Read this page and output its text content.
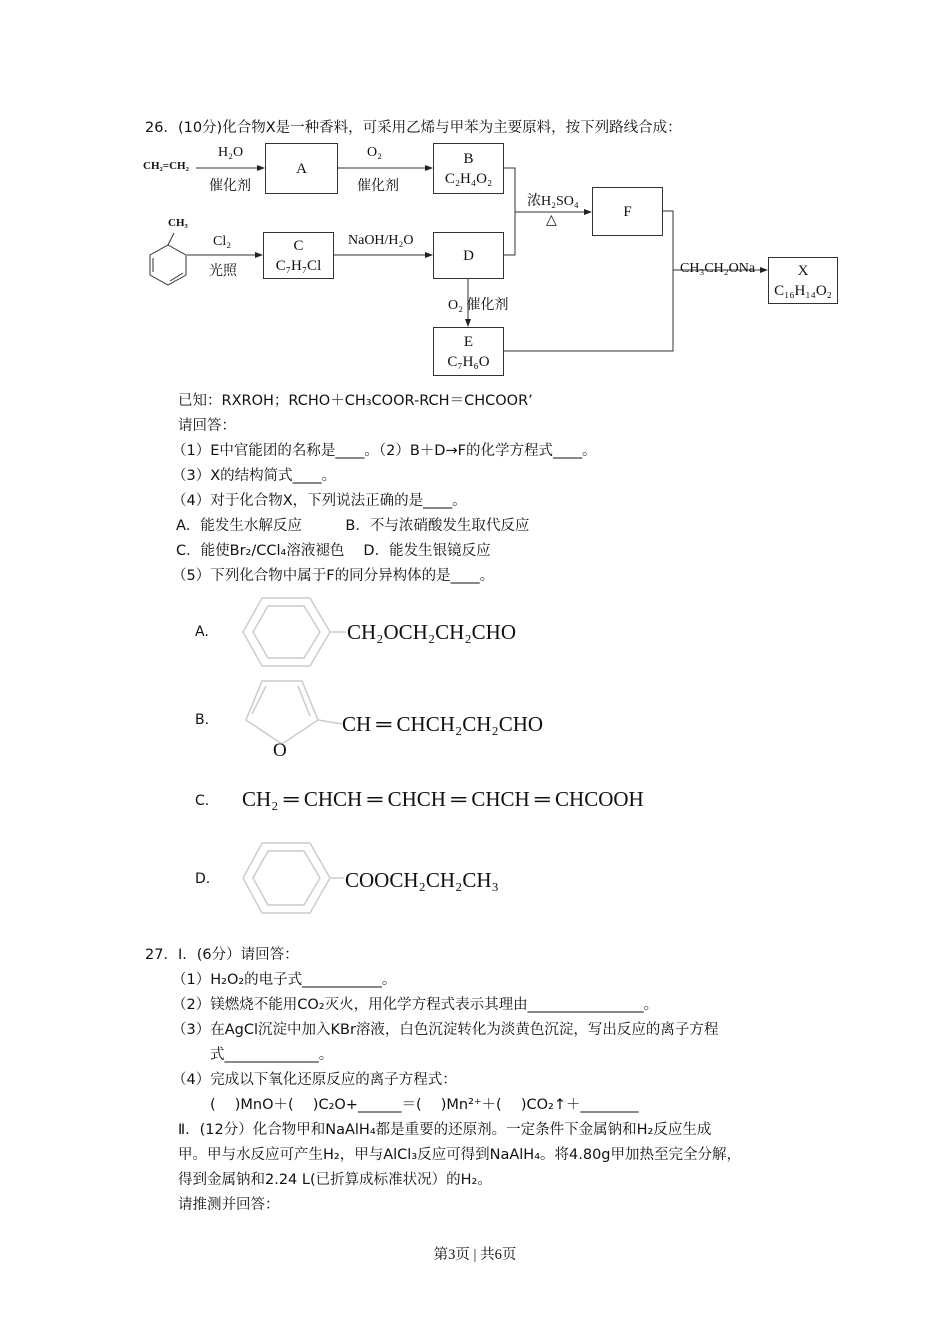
26．(10分)化合物X是一种香料，可采用乙烯与甲苯为主要原料，按下列路线合成：
CH₂=CH₂
CH₃
H₂O
催化剂
O₂
催化剂
Cl₂
光照
NaOH/H₂O
浓H₂SO₄
△
O₂ 催化剂
CH₃CH₂ONa
A
B
C₂H₄O₂
C
C₇H₇Cl
D
E
C₇H₆O
F
X
C₁₆H₁₄O₂
已知：RXROH；RCHO＋CH₃COOR-RCH＝CHCOOR’
请回答：
（1）E中官能团的名称是____。（2）B＋D→F的化学方程式____。
（3）X的结构简式____。
（4）对于化合物X，下列说法正确的是____。
A．能发生水解反应　　　B．不与浓硝酸发生取代反应
C．能使Br₂/CCl₄溶液褪色　 D．能发生银镜反应
（5）下列化合物中属于F的同分异构体的是____。
A.	CH₂OCH₂CH₂CHO
B.
O
CH ═ CHCH₂CH₂CHO
C. CH₂ ═ CHCH ═ CHCH ═ CHCH ═ CHCOOH
D.	COOCH₂CH₂CH₃
27．Ⅰ．(6分）请回答：
（1）H₂O₂的电子式___________。
（2）镁燃烧不能用CO₂灭火，用化学方程式表示其理由________________。
（3）在AgCl沉淀中加入KBr溶液，白色沉淀转化为淡黄色沉淀，写出反应的离子方程
式_____________。
（4）完成以下氧化还原反应的离子方程式：
(　 )MnO＋(　 )C₂O+______＝(　 )Mn²⁺＋(　 )CO₂↑＋________
Ⅱ．(12分）化合物甲和NaAlH₄都是重要的还原剂。一定条件下金属钠和H₂反应生成
甲。甲与水反应可产生H₂，甲与AlCl₃反应可得到NaAlH₄。将4.80g甲加热至完全分解，
得到金属钠和2.24 L(已折算成标准状况）的H₂。
请推测并回答：
第3页 | 共6页
